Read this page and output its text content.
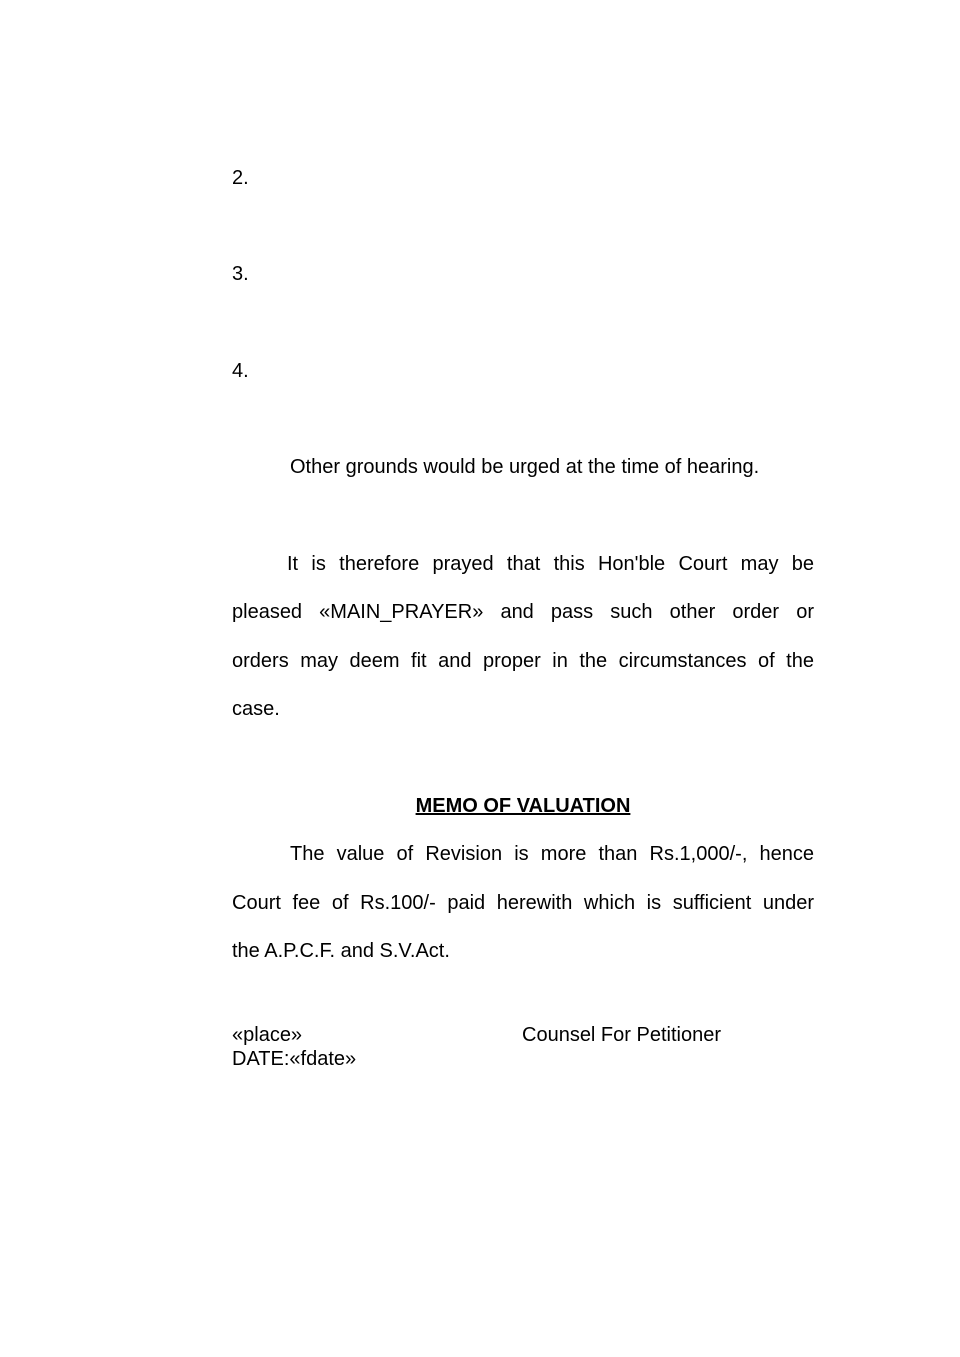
2.
3.
4.
Other grounds would be urged at the time of hearing.
It is therefore prayed that this Hon'ble Court may be
pleased «MAIN_PRAYER» and pass such other order or
orders may deem fit and proper in the circumstances of the
case.
MEMO OF VALUATION
The value of Revision is more than Rs.1,000/-, hence
Court fee of Rs.100/- paid herewith which is sufficient under
the A.P.C.F. and S.V.Act.
«place»	Counsel For Petitioner
DATE:«fdate»
